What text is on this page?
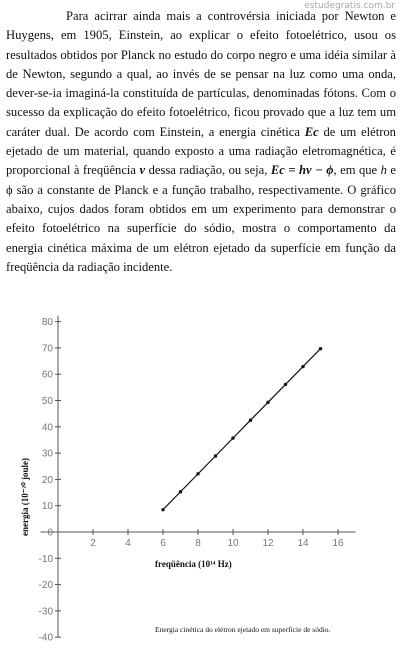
estudegratis.com.br

Para acirrar ainda mais a controvérsia iniciada por Newton e Huygens, em 1905, Einstein, ao explicar o efeito fotoelétrico, usou os resultados obtidos por Planck no estudo do corpo negro e uma idéia similar à de Newton, segundo a qual, ao invés de se pensar na luz como uma onda, dever-se-ia imaginá-la constituída de partículas, denominadas fótons. Com o sucesso da explicação do efeito fotoelétrico, ficou provado que a luz tem um caráter dual. De acordo com Einstein, a energia cinética Ec de um elétron ejetado de um material, quando exposto a uma radiação eletromagnética, é proporcional à freqüência v dessa radiação, ou seja, Ec = hv − ϕ, em que h e ϕ são a constante de Planck e a função trabalho, respectivamente. O gráfico abaixo, cujos dados foram obtidos em um experimento para demonstrar o efeito fotoelétrico na superfície do sódio, mostra o comportamento da energia cinética máxima de um elétron ejetado da superfície em função da freqüência da radiação incidente.

2	4	6	8	10 12 14 16
80
70
60
50
40
30
20
10
0
-10
-20
-30
-40
freqüência (10¹⁴ Hz)
energia (10⁻²⁰ joule)
Energia cinética do elétron ejetado em superfície de sódio.
